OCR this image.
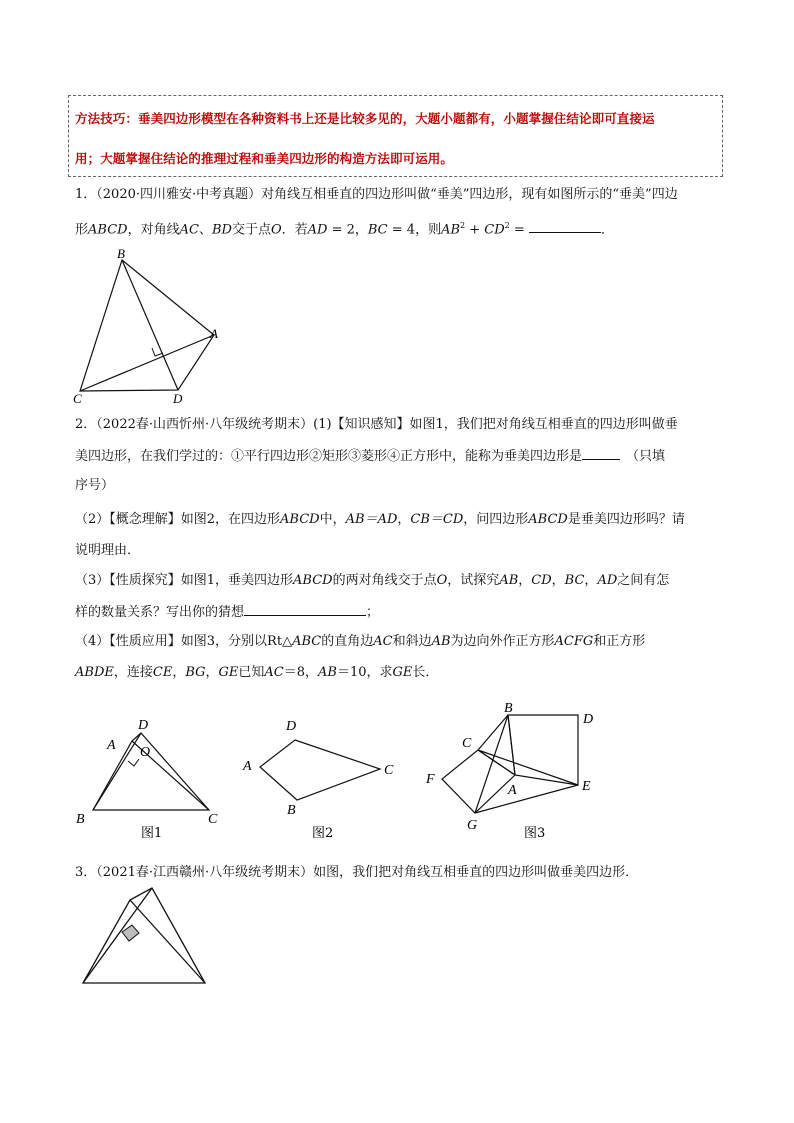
方法技巧：垂美四边形模型在各种资料书上还是比较多见的，大题小题都有，小题掌握住结论即可直接运
用；大题掌握住结论的推理过程和垂美四边形的构造方法即可运用。
1．（2020·四川雅安·中考真题）对角线互相垂直的四边形叫做“垂美”四边形，现有如图所示的“垂美”四边
形ABCD，对角线AC、BD交于点O．若AD = 2，BC = 4，则$AB^2 + CD^2$ =	．
B
A
C	D
2．（2022春·山西忻州·八年级统考期末）(1)【知识感知】如图1，我们把对角线互相垂直的四边形叫做垂
美四边形，在我们学过的：①平行四边形②矩形③菱形④正方形中，能称为垂美四边形是	（只填
序号）
（2）【概念理解】如图2，在四边形ABCD中，AB＝AD，CB＝CD，问四边形ABCD是垂美四边形吗？请
说明理由．
（3）【性质探究】如图1，垂美四边形ABCD的两对角线交于点O，试探究AB，CD，BC，AD之间有怎
样的数量关系？写出你的猜想	；
（4）【性质应用】如图3，分别以Rt△ABC的直角边AC和斜边AB为边向外作正方形ACFG和正方形
ABDE，连接CE，BG，GE已知AC＝8，AB＝10，求GE长．
D
A O
B	C
图1
D
A	C
B
图2
B
D
C
F
A	E
G
图3
3．（2021春·江西赣州·八年级统考期末）如图，我们把对角线互相垂直的四边形叫做垂美四边形．
